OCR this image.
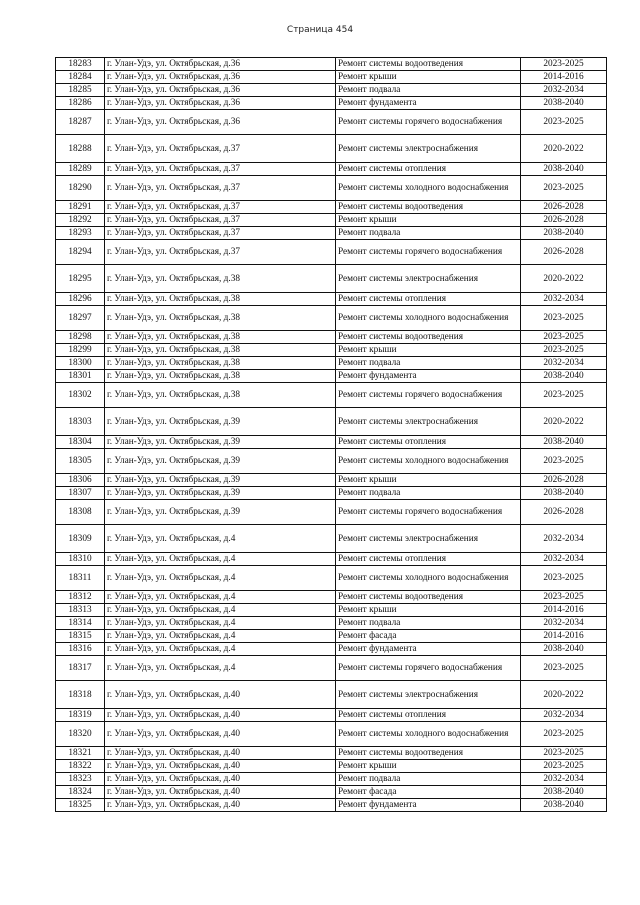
Страница 454
18283	г. Улан-Удэ, ул. Октябрьская, д.36	Ремонт системы водоотведения	2023-2025
18284	г. Улан-Удэ, ул. Октябрьская, д.36	Ремонт крыши	2014-2016
18285	г. Улан-Удэ, ул. Октябрьская, д.36	Ремонт подвала	2032-2034
18286	г. Улан-Удэ, ул. Октябрьская, д.36	Ремонт фундамента	2038-2040
18287	г. Улан-Удэ, ул. Октябрьская, д.36	Ремонт системы горячего водоснабжения	2023-2025
18288	г. Улан-Удэ, ул. Октябрьская, д.37	Ремонт системы электроснабжения	2020-2022
18289	г. Улан-Удэ, ул. Октябрьская, д.37	Ремонт системы отопления	2038-2040
18290	г. Улан-Удэ, ул. Октябрьская, д.37	Ремонт системы холодного водоснабжения	2023-2025
18291	г. Улан-Удэ, ул. Октябрьская, д.37	Ремонт системы водоотведения	2026-2028
18292	г. Улан-Удэ, ул. Октябрьская, д.37	Ремонт крыши	2026-2028
18293	г. Улан-Удэ, ул. Октябрьская, д.37	Ремонт подвала	2038-2040
18294	г. Улан-Удэ, ул. Октябрьская, д.37	Ремонт системы горячего водоснабжения	2026-2028
18295	г. Улан-Удэ, ул. Октябрьская, д.38	Ремонт системы электроснабжения	2020-2022
18296	г. Улан-Удэ, ул. Октябрьская, д.38	Ремонт системы отопления	2032-2034
18297	г. Улан-Удэ, ул. Октябрьская, д.38	Ремонт системы холодного водоснабжения	2023-2025
18298	г. Улан-Удэ, ул. Октябрьская, д.38	Ремонт системы водоотведения	2023-2025
18299	г. Улан-Удэ, ул. Октябрьская, д.38	Ремонт крыши	2023-2025
18300	г. Улан-Удэ, ул. Октябрьская, д.38	Ремонт подвала	2032-2034
18301	г. Улан-Удэ, ул. Октябрьская, д.38	Ремонт фундамента	2038-2040
18302	г. Улан-Удэ, ул. Октябрьская, д.38	Ремонт системы горячего водоснабжения	2023-2025
18303	г. Улан-Удэ, ул. Октябрьская, д.39	Ремонт системы электроснабжения	2020-2022
18304	г. Улан-Удэ, ул. Октябрьская, д.39	Ремонт системы отопления	2038-2040
18305	г. Улан-Удэ, ул. Октябрьская, д.39	Ремонт системы холодного водоснабжения	2023-2025
18306	г. Улан-Удэ, ул. Октябрьская, д.39	Ремонт крыши	2026-2028
18307	г. Улан-Удэ, ул. Октябрьская, д.39	Ремонт подвала	2038-2040
18308	г. Улан-Удэ, ул. Октябрьская, д.39	Ремонт системы горячего водоснабжения	2026-2028
18309	г. Улан-Удэ, ул. Октябрьская, д.4	Ремонт системы электроснабжения	2032-2034
18310	г. Улан-Удэ, ул. Октябрьская, д.4	Ремонт системы отопления	2032-2034
18311	г. Улан-Удэ, ул. Октябрьская, д.4	Ремонт системы холодного водоснабжения	2023-2025
18312	г. Улан-Удэ, ул. Октябрьская, д.4	Ремонт системы водоотведения	2023-2025
18313	г. Улан-Удэ, ул. Октябрьская, д.4	Ремонт крыши	2014-2016
18314	г. Улан-Удэ, ул. Октябрьская, д.4	Ремонт подвала	2032-2034
18315	г. Улан-Удэ, ул. Октябрьская, д.4	Ремонт фасада	2014-2016
18316	г. Улан-Удэ, ул. Октябрьская, д.4	Ремонт фундамента	2038-2040
18317	г. Улан-Удэ, ул. Октябрьская, д.4	Ремонт системы горячего водоснабжения	2023-2025
18318	г. Улан-Удэ, ул. Октябрьская, д.40	Ремонт системы электроснабжения	2020-2022
18319	г. Улан-Удэ, ул. Октябрьская, д.40	Ремонт системы отопления	2032-2034
18320	г. Улан-Удэ, ул. Октябрьская, д.40	Ремонт системы холодного водоснабжения	2023-2025
18321	г. Улан-Удэ, ул. Октябрьская, д.40	Ремонт системы водоотведения	2023-2025
18322	г. Улан-Удэ, ул. Октябрьская, д.40	Ремонт крыши	2023-2025
18323	г. Улан-Удэ, ул. Октябрьская, д.40	Ремонт подвала	2032-2034
18324	г. Улан-Удэ, ул. Октябрьская, д.40	Ремонт фасада	2038-2040
18325	г. Улан-Удэ, ул. Октябрьская, д.40	Ремонт фундамента	2038-2040
